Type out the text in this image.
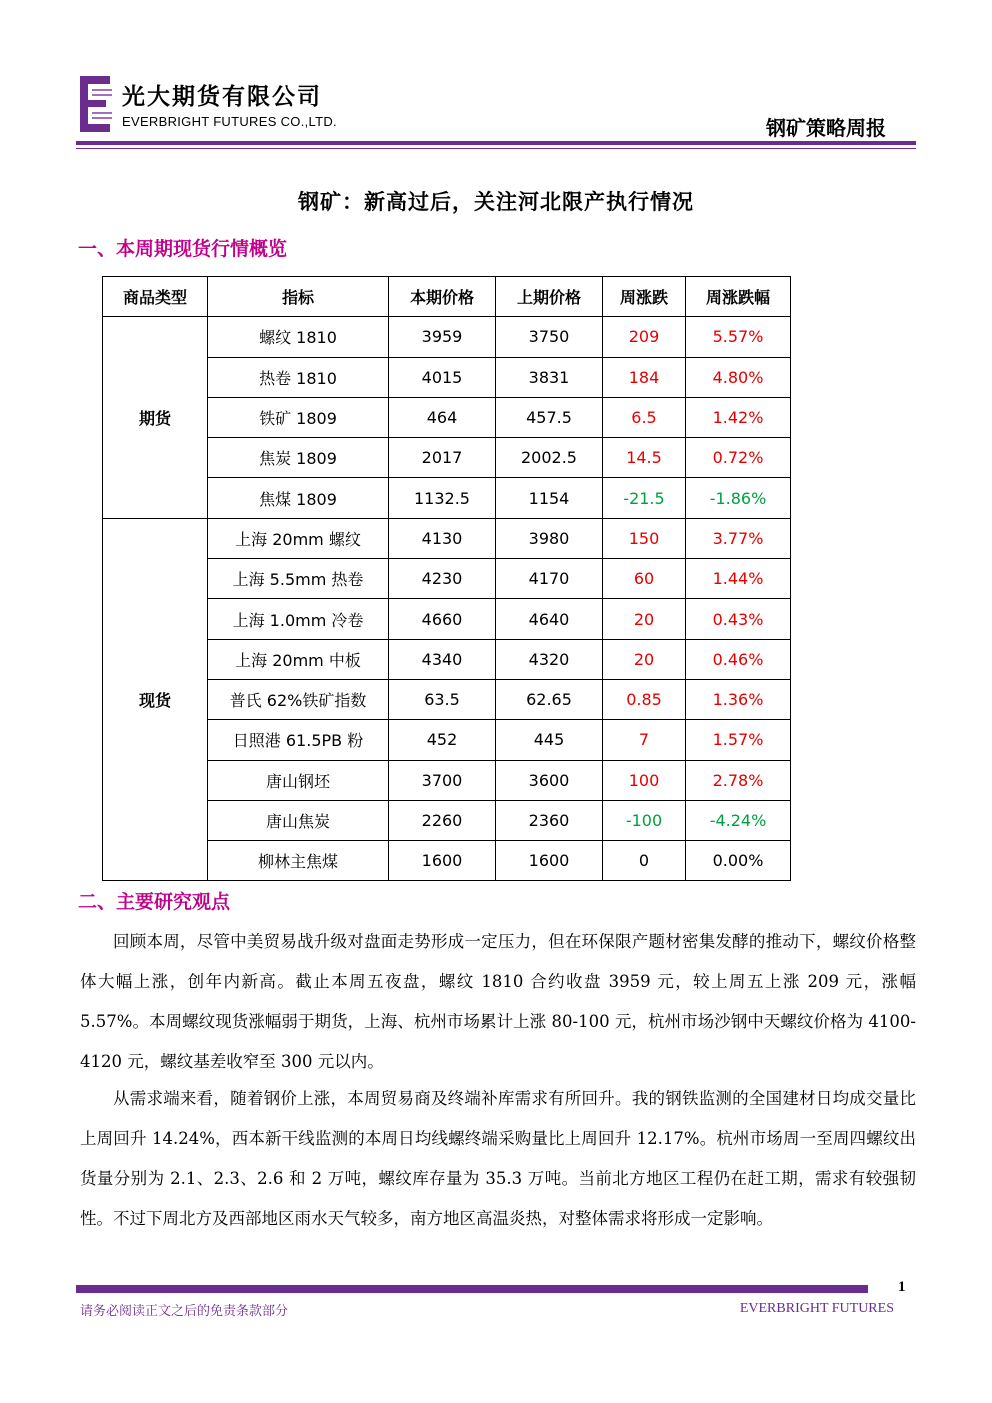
光大期货有限公司
EVERBRIGHT FUTURES CO.,LTD.	钢矿策略周报
钢矿：新高过后，关注河北限产执行情况
一、本周期现货行情概览
商品类型	指标	本期价格	上期价格	周涨跌	周涨跌幅
期货	螺纹 1810	3959	3750	209	5.57%
	热卷 1810	4015	3831	184	4.80%
	铁矿 1809	464	457.5	6.5	1.42%
	焦炭 1809	2017	2002.5	14.5	0.72%
	焦煤 1809	1132.5	1154	-21.5	-1.86%
现货	上海 20mm 螺纹	4130	3980	150	3.77%
	上海 5.5mm 热卷	4230	4170	60	1.44%
	上海 1.0mm 冷卷	4660	4640	20	0.43%
	上海 20mm 中板	4340	4320	20	0.46%
	普氏 62%铁矿指数	63.5	62.65	0.85	1.36%
	日照港 61.5PB 粉	452	445	7	1.57%
	唐山钢坯	3700	3600	100	2.78%
	唐山焦炭	2260	2360	-100	-4.24%
	柳林主焦煤	1600	1600	0	0.00%
二、主要研究观点
回顾本周，尽管中美贸易战升级对盘面走势形成一定压力，但在环保限产题材密集发酵的推动下，螺纹价格整体大幅上涨，创年内新高。截止本周五夜盘，螺纹 1810 合约收盘 3959 元，较上周五上涨 209 元，涨幅 5.57%。本周螺纹现货涨幅弱于期货，上海、杭州市场累计上涨 80-100 元，杭州市场沙钢中天螺纹价格为 4100-4120 元，螺纹基差收窄至 300 元以内。
从需求端来看，随着钢价上涨，本周贸易商及终端补库需求有所回升。我的钢铁监测的全国建材日均成交量比上周回升 14.24%，西本新干线监测的本周日均线螺终端采购量比上周回升 12.17%。杭州市场周一至周四螺纹出货量分别为 2.1、2.3、2.6 和 2 万吨，螺纹库存量为 35.3 万吨。当前北方地区工程仍在赶工期，需求有较强韧性。不过下周北方及西部地区雨水天气较多，南方地区高温炎热，对整体需求将形成一定影响。
1
请务必阅读正文之后的免责条款部分	EVERBRIGHT FUTURES
